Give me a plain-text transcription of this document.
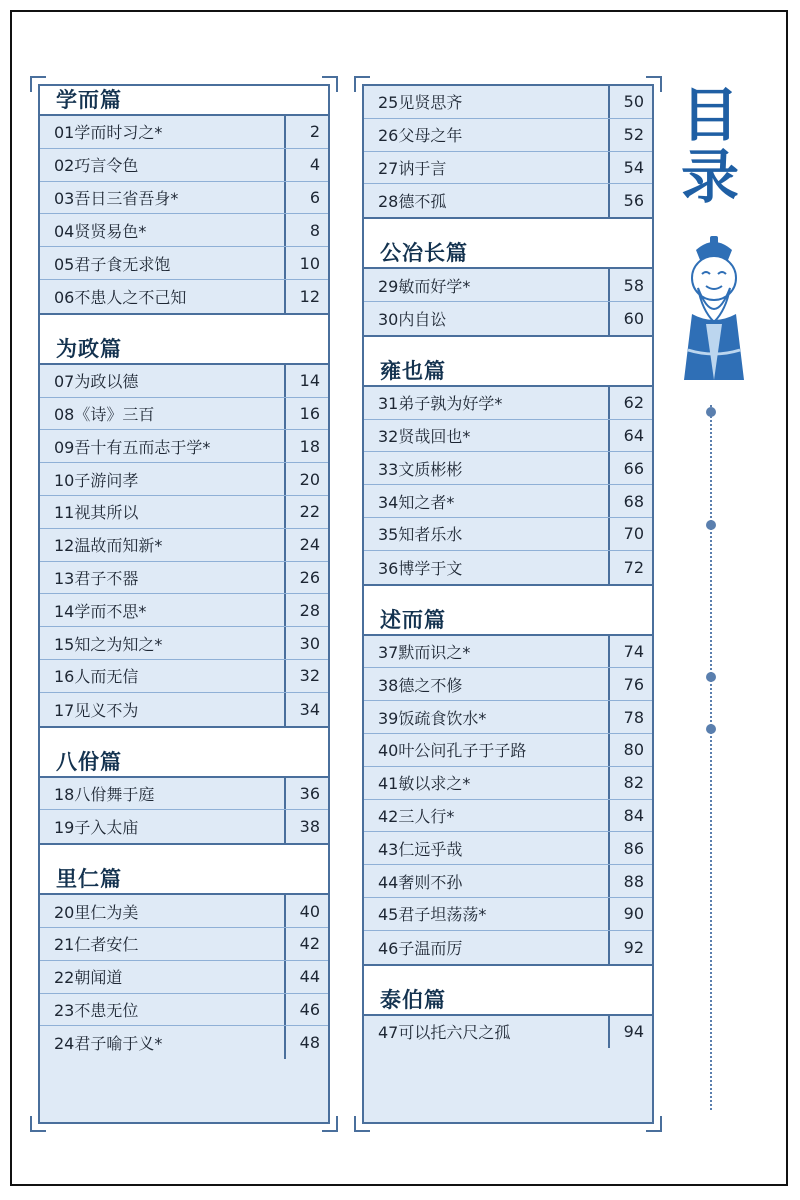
学而篇
01学而时习之*	2
02巧言令色	4
03吾日三省吾身*	6
04贤贤易色*	8
05君子食无求饱	10
06不患人之不己知	12
为政篇
07为政以德	14
08《诗》三百	16
09吾十有五而志于学*	18
10子游问孝	20
11视其所以	22
12温故而知新*	24
13君子不器	26
14学而不思*	28
15知之为知之*	30
16人而无信	32
17见义不为	34
八佾篇
18八佾舞于庭	36
19子入太庙	38
里仁篇
20里仁为美	40
21仁者安仁	42
22朝闻道	44
23不患无位	46
24君子喻于义*	48
25见贤思齐	50
26父母之年	52
27讷于言	54
28德不孤	56
公冶长篇
29敏而好学*	58
30内自讼	60
雍也篇
31弟子孰为好学*	62
32贤哉回也*	64
33文质彬彬	66
34知之者*	68
35知者乐水	70
36博学于文	72
述而篇
37默而识之*	74
38德之不修	76
39饭疏食饮水*	78
40叶公问孔子于子路	80
41敏以求之*	82
42三人行*	84
43仁远乎哉	86
44奢则不孙	88
45君子坦荡荡*	90
46子温而厉	92
泰伯篇
47可以托六尺之孤	94
目录
